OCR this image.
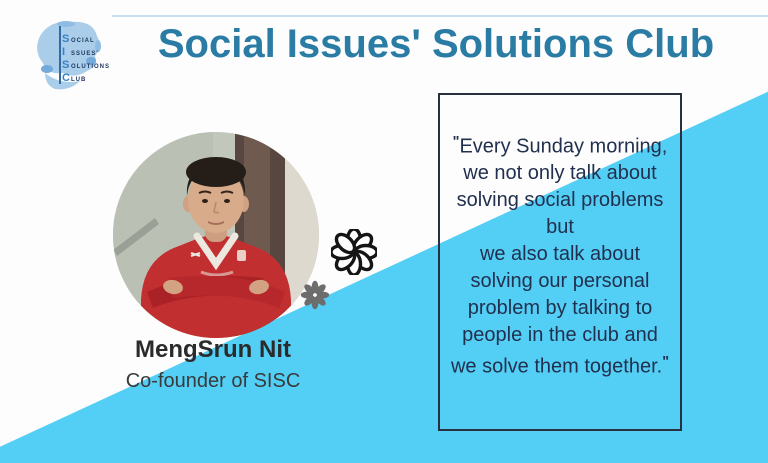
S OCIAL
I SSUES'
S OLUTIONS
C LUB
Social Issues' Solutions Club
MengSrun Nit
Co-founder of SISC
"Every Sunday morning,
we not only talk about
solving social problems
but
we also talk about
solving our personal
problem by talking to
people in the club and
we solve them together."
